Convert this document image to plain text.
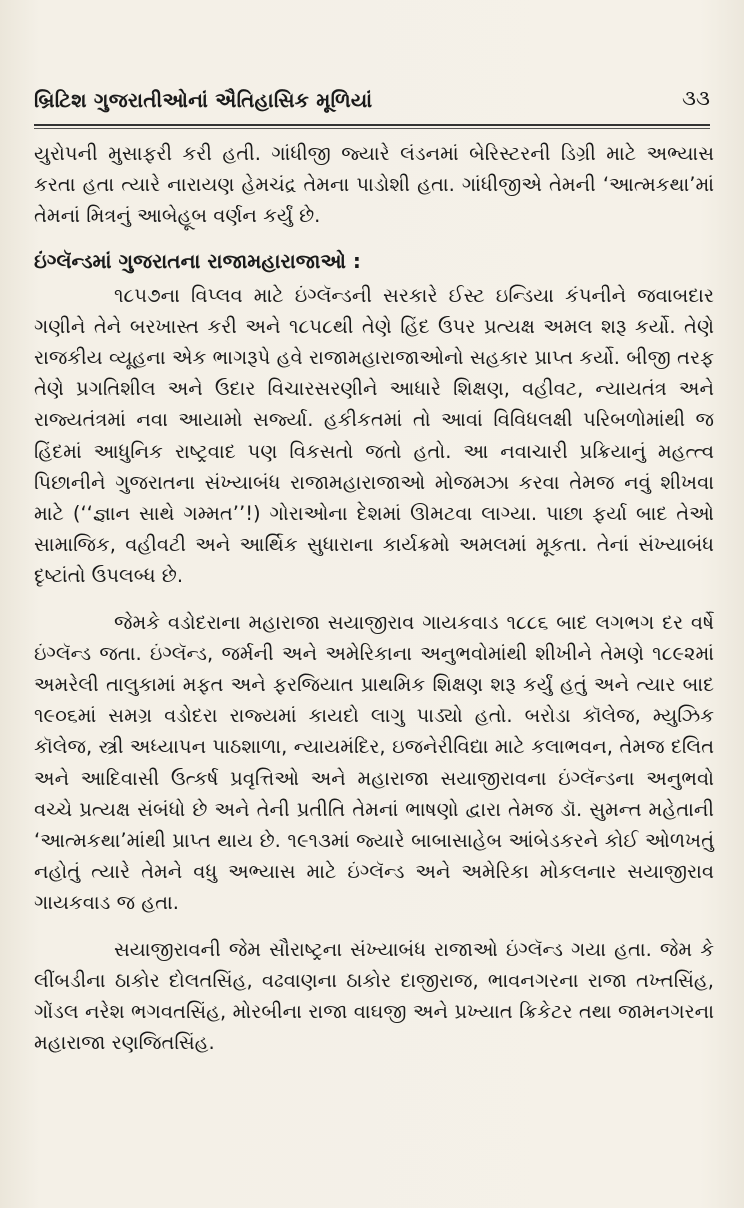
બ્રિટિશ ગુજરાતીઓનાં ઐતિહાસિક મૂળિયાં	૩૩

યુરોપની મુસાફરી કરી હતી. ગાંધીજી જ્યારે લંડનમાં બેરિસ્ટરની ડિગ્રી માટે અભ્યાસ કરતા હતા ત્યારે નારાયણ હેમચંદ્ર તેમના પાડોશી હતા. ગાંધીજીએ તેમની ‘આત્મકથા’માં તેમનાં મિત્રનું આબેહૂબ વર્ણન કર્યું છે.

ઇંગ્લૅન્ડમાં ગુજરાતના રાજામહારાજાઓ :

૧૮૫૭ના વિપ્લવ માટે ઇંગ્લૅન્ડની સરકારે ઈસ્ટ ઇન્ડિયા કંપનીને જવાબદાર ગણીને તેને બરખાસ્ત કરી અને ૧૮૫૮થી તેણે હિંદ ઉપર પ્રત્યક્ષ અમલ શરૂ કર્યો. તેણે રાજકીય વ્યૂહના એક ભાગરૂપે હવે રાજામહારાજાઓનો સહકાર પ્રાપ્ત કર્યો. બીજી તરફ તેણે પ્રગતિશીલ અને ઉદાર વિચારસરણીને આધારે શિક્ષણ, વહીવટ, ન્યાયતંત્ર અને રાજ્યતંત્રમાં નવા આયામો સર્જ્યા. હકીકતમાં તો આવાં વિવિધલક્ષી પરિબળોમાંથી જ હિંદમાં આધુનિક રાષ્ટ્રવાદ પણ વિકસતો જતો હતો. આ નવાચારી પ્રક્રિયાનું મહત્ત્વ પિછાનીને ગુજરાતના સંખ્યાબંધ રાજામહારાજાઓ મોજમઝા કરવા તેમજ નવું શીખવા માટે (‘‘જ્ઞાન સાથે ગમ્મત’’!) ગોરાઓના દેશમાં ઊમટવા લાગ્યા. પાછા ફર્યા બાદ તેઓ સામાજિક, વહીવટી અને આર્થિક સુધારાના કાર્યક્રમો અમલમાં મૂકતા. તેનાં સંખ્યાબંધ દૃષ્ટાંતો ઉપલબ્ધ છે.

જેમકે વડોદરાના મહારાજા સયાજીરાવ ગાયકવાડ ૧૮૮૬ બાદ લગભગ દર વર્ષે ઇંગ્લૅન્ડ જતા. ઇંગ્લૅન્ડ, જર્મની અને અમેરિકાના અનુભવોમાંથી શીખીને તેમણે ૧૮૯૨માં અમરેલી તાલુકામાં મફત અને ફરજિયાત પ્રાથમિક શિક્ષણ શરૂ કર્યું હતું અને ત્યાર બાદ ૧૯૦૬માં સમગ્ર વડોદરા રાજ્યમાં કાયદો લાગુ પાડ્યો હતો. બરોડા કૉલેજ, મ્યુઝિક કૉલેજ, સ્ત્રી અધ્યાપન પાઠશાળા, ન્યાયમંદિર, ઇજનેરીવિદ્યા માટે કલાભવન, તેમજ દલિત અને આદિવાસી ઉત્કર્ષ પ્રવૃત્તિઓ અને મહારાજા સયાજીરાવના ઇંગ્લૅન્ડના અનુભવો વચ્ચે પ્રત્યક્ષ સંબંધો છે અને તેની પ્રતીતિ તેમનાં ભાષણો દ્વારા તેમજ ડૉ. સુમન્ત મહેતાની ‘આત્મકથા’માંથી પ્રાપ્ત થાય છે. ૧૯૧૩માં જ્યારે બાબાસાહેબ આંબેડકરને કોઈ ઓળખતું નહોતું ત્યારે તેમને વધુ અભ્યાસ માટે ઇંગ્લૅન્ડ અને અમેરિકા મોકલનાર સયાજીરાવ ગાયકવાડ જ હતા.

સયાજીરાવની જેમ સૌરાષ્ટ્રના સંખ્યાબંધ રાજાઓ ઇંગ્લૅન્ડ ગયા હતા. જેમ કે લીંબડીના ઠાકોર દોલતસિંહ, વઢવાણના ઠાકોર દાજીરાજ, ભાવનગરના રાજા તખ્તસિંહ, ગોંડલ નરેશ ભગવતસિંહ, મોરબીના રાજા વાઘજી અને પ્રખ્યાત ક્રિકેટર તથા જામનગરના મહારાજા રણજિતસિંહ.
